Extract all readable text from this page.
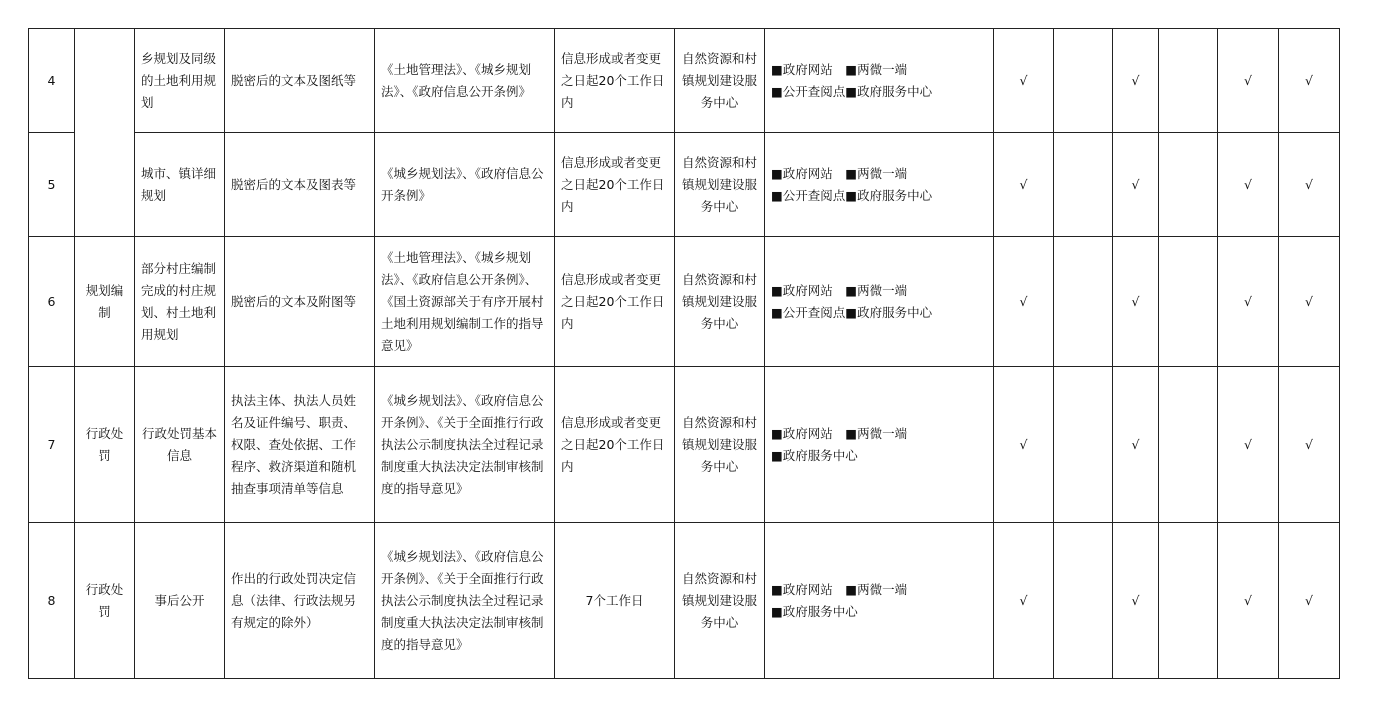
4		乡规划及同级的土地利用规划	脱密后的文本及图纸等	《土地管理法》、《城乡规划法》、《政府信息公开条例》	信息形成或者变更之日起20个工作日内	自然资源和村镇规划建设服务中心	■政府网站　■两微一端
■公开查阅点■政府服务中心	√		√		√	√
5		城市、镇详细规划	脱密后的文本及图表等	《城乡规划法》、《政府信息公开条例》	信息形成或者变更之日起20个工作日内	自然资源和村镇规划建设服务中心	■政府网站　■两微一端
■公开查阅点■政府服务中心	√		√		√	√
6	规划编制	部分村庄编制完成的村庄规划、村土地利用规划	脱密后的文本及附图等	《土地管理法》、《城乡规划法》、《政府信息公开条例》、《国土资源部关于有序开展村土地利用规划编制工作的指导意见》	信息形成或者变更之日起20个工作日内	自然资源和村镇规划建设服务中心	■政府网站　■两微一端
■公开查阅点■政府服务中心	√		√		√	√
7	行政处罚	行政处罚基本信息	执法主体、执法人员姓名及证件编号、职责、权限、查处依据、工作程序、救济渠道和随机抽查事项清单等信息	《城乡规划法》、《政府信息公开条例》、《关于全面推行行政执法公示制度执法全过程记录制度重大执法决定法制审核制度的指导意见》	信息形成或者变更之日起20个工作日内	自然资源和村镇规划建设服务中心	■政府网站　■两微一端
■政府服务中心	√		√		√	√
8	行政处罚	事后公开	作出的行政处罚决定信息（法律、行政法规另有规定的除外）	《城乡规划法》、《政府信息公开条例》、《关于全面推行行政执法公示制度执法全过程记录制度重大执法决定法制审核制度的指导意见》	7个工作日	自然资源和村镇规划建设服务中心	■政府网站　■两微一端
■政府服务中心	√		√		√	√
